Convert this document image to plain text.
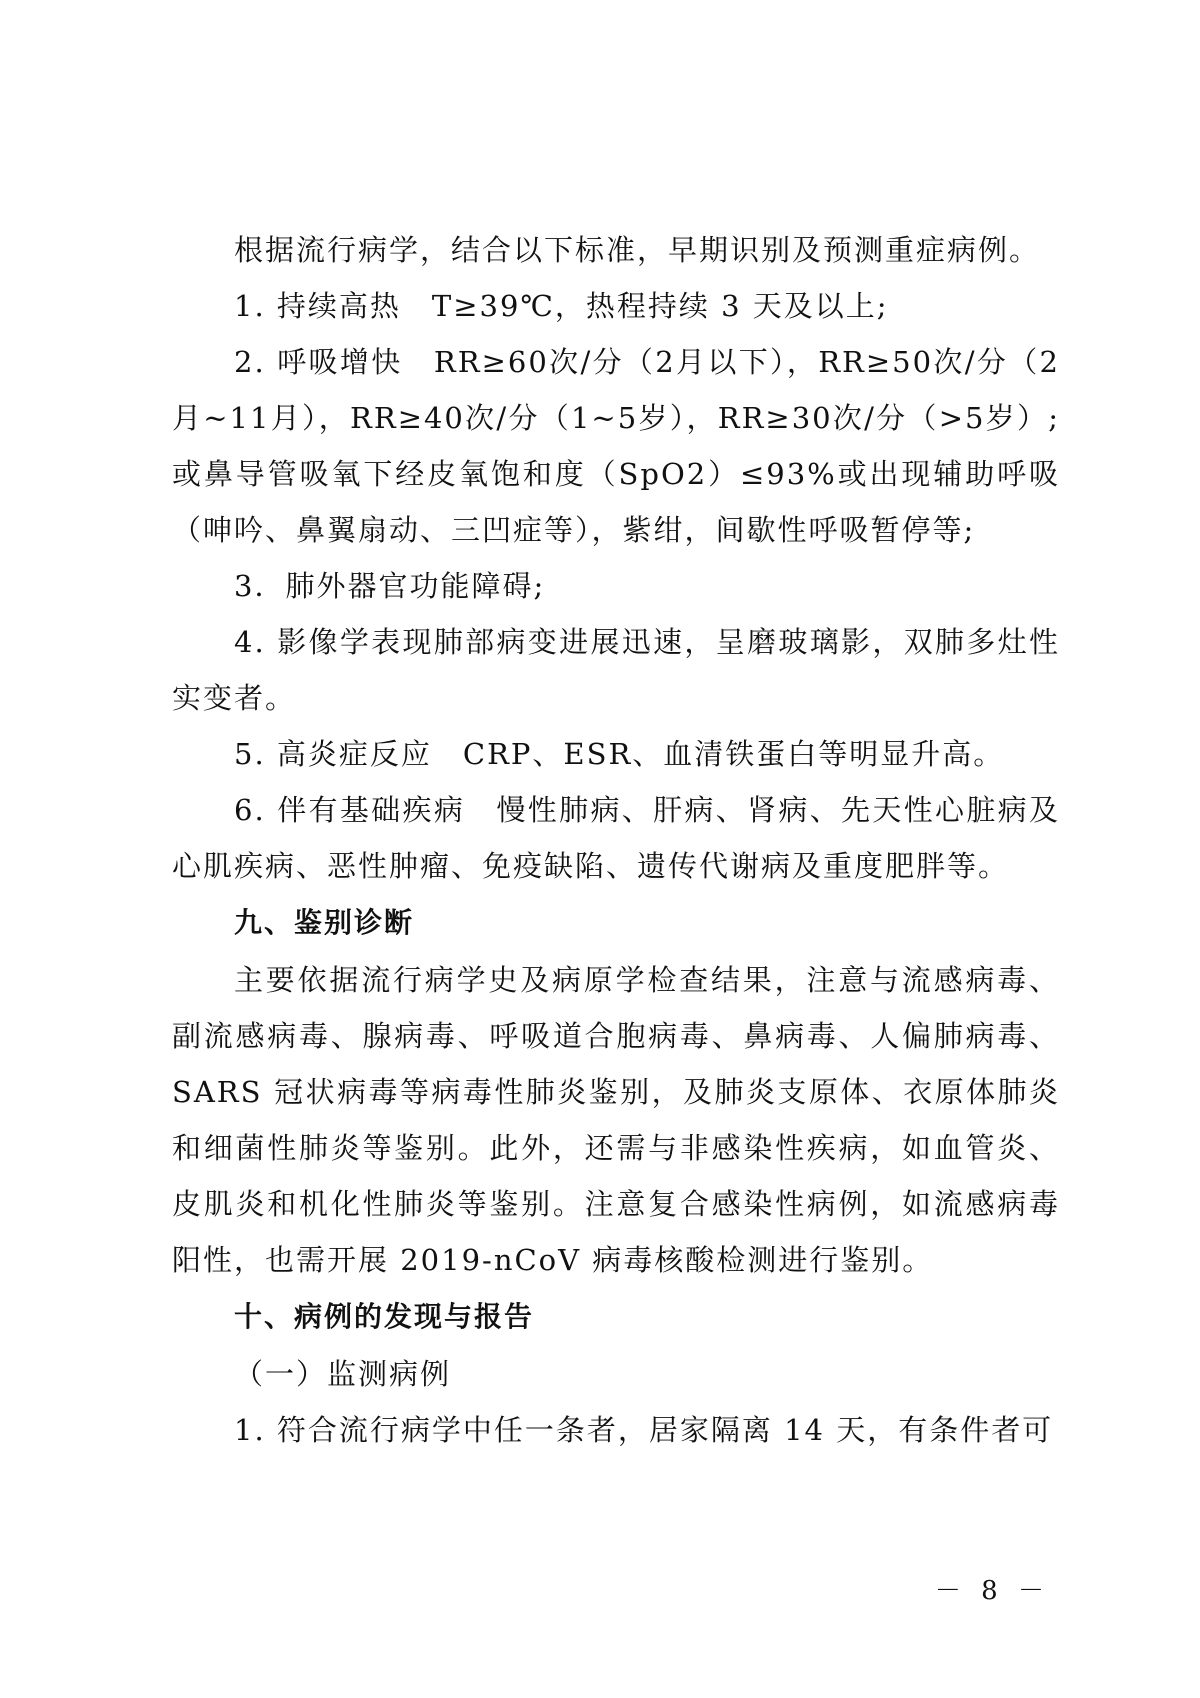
根据流行病学，结合以下标准，早期识别及预测重症病例。

1. 持续高热　T≥39℃，热程持续 3 天及以上;

2. 呼吸增快　RR≥60次/分（2月以下），RR≥50次/分（2月~11月），RR≥40次/分（1~5岁），RR≥30次/分（>5岁）; 或鼻导管吸氧下经皮氧饱和度（SpO2）≤93%或出现辅助呼吸（呻吟、鼻翼扇动、三凹症等），紫绀，间歇性呼吸暂停等;

3．肺外器官功能障碍;

4. 影像学表现肺部病变进展迅速，呈磨玻璃影，双肺多灶性实变者。

5. 高炎症反应　CRP、ESR、血清铁蛋白等明显升高。

6. 伴有基础疾病　慢性肺病、肝病、肾病、先天性心脏病及心肌疾病、恶性肿瘤、免疫缺陷、遗传代谢病及重度肥胖等。

九、鉴别诊断

主要依据流行病学史及病原学检查结果，注意与流感病毒、副流感病毒、腺病毒、呼吸道合胞病毒、鼻病毒、人偏肺病毒、SARS 冠状病毒等病毒性肺炎鉴别，及肺炎支原体、衣原体肺炎和细菌性肺炎等鉴别。此外，还需与非感染性疾病，如血管炎、皮肌炎和机化性肺炎等鉴别。注意复合感染性病例，如流感病毒阳性，也需开展 2019-nCoV 病毒核酸检测进行鉴别。

十、病例的发现与报告

（一）监测病例

1. 符合流行病学中任一条者，居家隔离 14 天，有条件者可

－ 8 －
